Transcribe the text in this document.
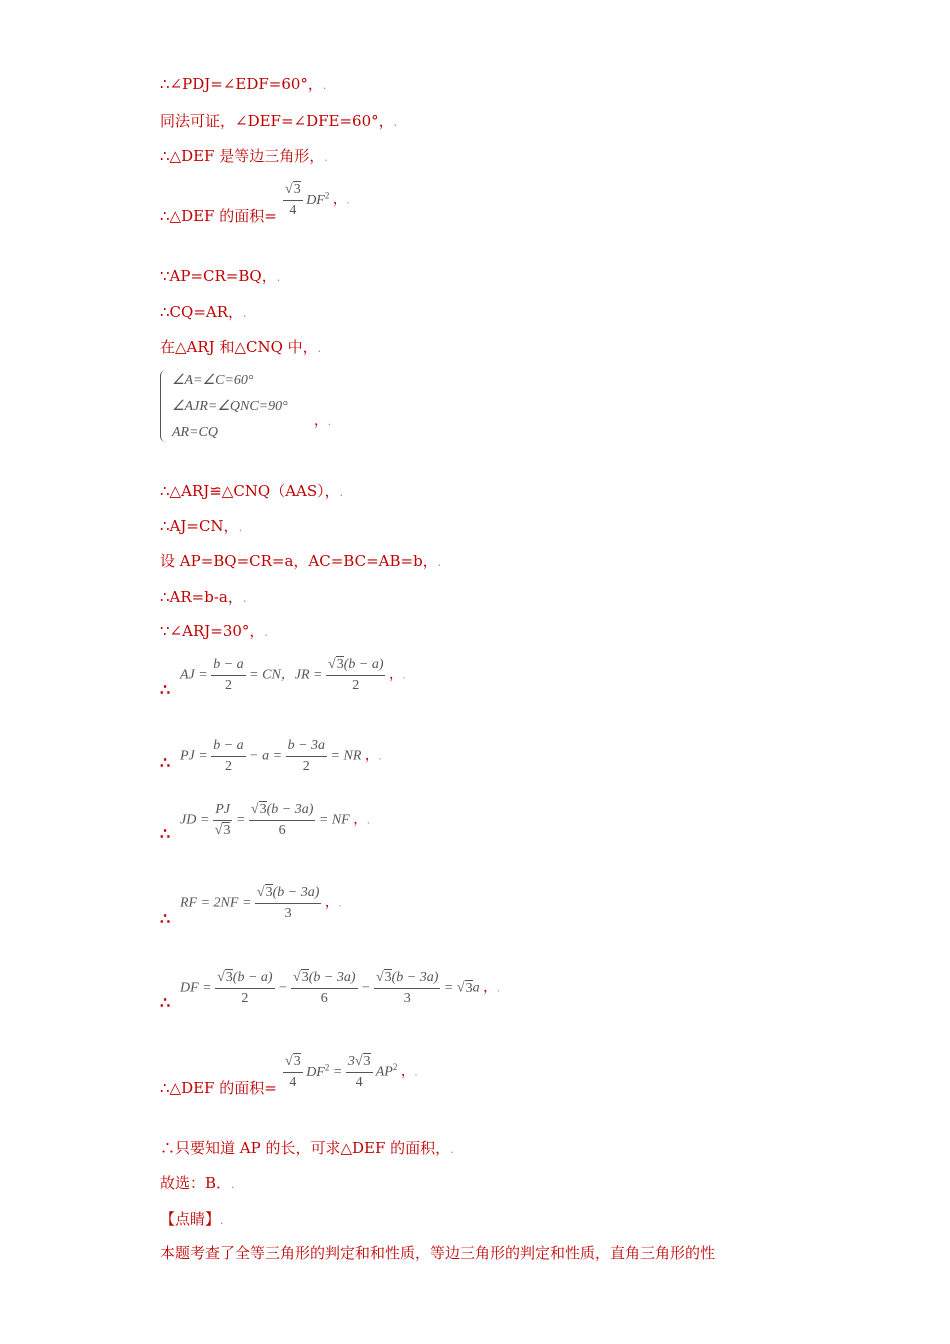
∴∠PDJ=∠EDF=60°，.
同法可证，∠DEF=∠DFE=60°，.
∴△DEF 是等边三角形，.
∴△DEF 的面积= $\frac{√3}{4} DF^2$ ，.
∵AP=CR=BQ，.
∴CQ=AR，.
在△ARJ 和△CNQ 中，.
∠A=∠C=60°
∠AJR=∠QNC=90°
AR=CQ
，.
∴△ARJ≌△CNQ（AAS），.
∴AJ=CN，.
设 AP=BQ=CR=a，AC=BC=AB=b，.
∴AR=b-a，.
∵∠ARJ=30°，.
∴
AJ = $\frac{b - a}{2}$ = CN，JR = $\frac{√3(b - a)}{2}$ ，.
∴ PJ = $\frac{b - a}{2} - a = \frac{b - 3a}{2}$ = NR ，.
∴
JD = $\frac{PJ}{√3} = \frac{√3(b - 3a)}{6}$ = NF ，.
∴
RF = $2NF = \frac{√3(b - 3a)}{3}$ ，.
∴
DF = $\frac{√3(b - a)}{2} - \frac{√3(b - 3a)}{6} - \frac{√3(b - 3a)}{3} = √3a$ ，.
∴△DEF 的面积= $\frac{√3}{4} DF^2 = \frac{3√3}{4} AP^2$ ，.
∴只要知道 AP 的长，可求△DEF 的面积，.
故选：B．.
【点睛】.
本题考查了全等三角形的判定和和性质，等边三角形的判定和性质，直角三角形的性
